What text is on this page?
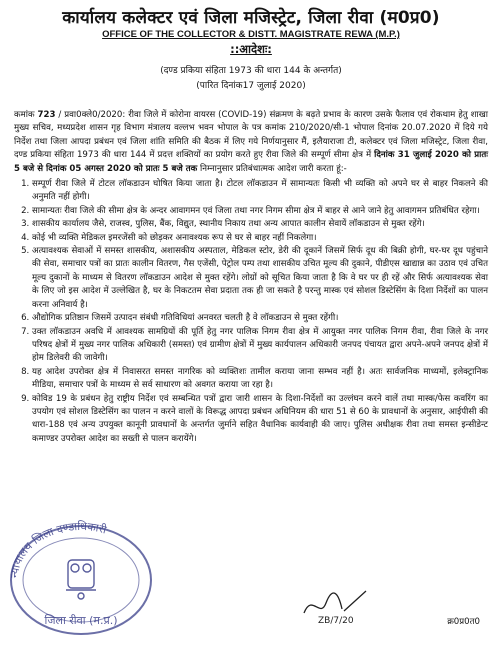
कार्यालय कलेक्टर एवं जिला मजिस्ट्रेट, जिला रीवा (म0प्र0)
OFFICE OF THE COLLECTOR & DISTT. MAGISTRATE REWA (M.P.)
::आदेशः:
(दण्ड प्रकिया संहिता 1973 की धारा 144 के अन्तर्गत)
(पारित दिनांक17 जुलाई 2020)
कमांक 723 / प्रवा0क्ले0/2020: रीवा जिले में कोरोना वायरस (COVID-19) संक्रमण के बढ़ते प्रभाव के कारण उसके फैलाव एवं रोकथाम हेतु शाखा मुख्य सचिव, मध्यप्रदेश शासन गृह विभाग मंत्रालय वल्लभ भवन भोपाल के पत्र कमांक 210/2020/सी-1 भोपाल दिनांक 20.07.2020 में दिये गये निर्देश तथा जिला आपदा प्रबंधन एवं जिला शांति समिति की बैठक में लिए गये निर्णयानुसार मैं, इलैयाराजा टी, कलेक्टर एवं जिला मजिस्ट्रेट, जिला रीवा, दण्ड प्रकिया संहिता 1973 की धारा 144 में प्रदत्त शक्तियों का प्रयोग करते हुए रीवा जिले की सम्पूर्ण सीमा क्षेत्र में दिनांक 31 जुलाई 2020 को प्रातः 5 बजे से दिनांक 05 अगस्त 2020 को प्रातः 5 बजे तक निम्नानुसार प्रतिबंधात्मक आदेश जारी करता हूं:-
1. सम्पूर्ण रीवा जिले में टोटल लॉकडाउन घोषित किया जाता है। टोटल लॉकडाउन में सामान्यतः किसी भी व्यक्ति को अपने घर से बाहर निकलने की अनुमति नहीं होगी।
2. सामान्यतः रीवा जिले की सीमा क्षेत्र के अन्दर आवागमन एवं जिला तथा नगर निगम सीमा क्षेत्र में बाहर से आने जाने हेतु आवागमन प्रतिबंधित रहेगा।
3. शासकीय कार्यालय जैसे, राजस्व, पुलिस, बैंक, विद्युत, स्थानीय निकाय तथा अन्य आपात कालीन सेवायें लॉकडाउन से मुक्त रहेंगे।
4. कोई भी व्यक्ति मेडिकल इमरजेंसी को छोड़कर अनावश्यक रूप से घर से बाहर नहीं निकलेगा।
5. अत्यावश्यक सेवाओं में समस्त शासकीय, अशासकीय अस्पताल, मेडिकल स्टोर, डेरी की दूकानें जिसमें सिर्फ दूध की बिक्री होगी, घर-घर दूध पहुंचाने की सेवा, समाचार पत्रों का प्रातः कालीन वितरण, गैस एजेंसी, पेट्रोल पम्प तथा शासकीय उचित मूल्य की दुकाने, पीडीएस खाद्यान्न का उठाव एवं उचित मूल्य दुकानों के माध्यम से वितरण लॉकडाउन आदेश से मुक्त रहेंगे। लोग्रों को सूचित किया जाता है कि वे घर पर ही रहें और सिर्फ अत्यावश्यक सेवा के लिए जो इस आदेश में उल्लेखित है, घर के निकटतम सेवा प्रदाता तक ही जा सकते है परन्तु मास्क एवं सोशल डिस्टेसिंग के दिशा निर्देशों का पालन करना अनिवार्य है।
6. औद्योगिक प्रतिष्ठान जिसमें उत्पादन संबंधी गतिविधियां अनवरत चलती है वे लॉकडाउन से मुक्त रहेंगी।
7. उक्त लॉकडाउन अवधि में आवश्यक सामग्रियों की पूर्ति हेतु नगर पालिक निगम रीवा क्षेत्र में आयुक्त नगर पालिक निगम रीवा, रीवा जिले के नगर परिषद क्षेत्रों में मुख्य नगर पालिक अधिकारी (समस्त) एवं ग्रामीण क्षेत्रों में मुख्य कार्यपालन अधिकारी जनपद पंचायत द्वारा अपने-अपने जनपद क्षेत्रों में होम डिलेवरी की जावेगी।
8. यह आदेश उपरोक्त क्षेत्र में निवासरत समस्त नागरिक को व्यक्तिशः तामील कराया जाना सम्भव नहीं है। अतः सार्वजनिक माध्यमों, इलेक्ट्रानिक मीडिया, समाचार पत्रों के माध्यम से सर्व साधारण को अवगत कराया जा रहा है।
9. कोविड 19 के प्रबंधन हेतु राष्ट्रीय निर्देश एवं सम्बन्धित पत्रों द्वारा जारी शासन के दिशा-निर्देशों का उल्लंघन करने वालें तथा मास्क/फेस कवरिंग का उपयोग एवं सोशल डिस्टेसिंग का पालन न करने वालों के विरूद्ध आपदा प्रबंधन अधिनियम की धारा 51 से 60 के प्रावधानों के अनुसार, आईपीसी की धारा-188 एवं अन्य उपयुक्त कानूनी प्रावधानों के अन्तर्गत जुर्माने सहित वैधानिक कार्यवाही की जाए। पुलिस अधीक्षक रीवा तथा समस्त इन्सीडेन्ट कमाण्डर उपरोक्त आदेश का सख्ती से पालन करायेंगे।
न्यायालय जिला दण्डाधिकारी
जिला रीवा (म.प्र.)	ZB/7/20	क्र0प्र0त0
